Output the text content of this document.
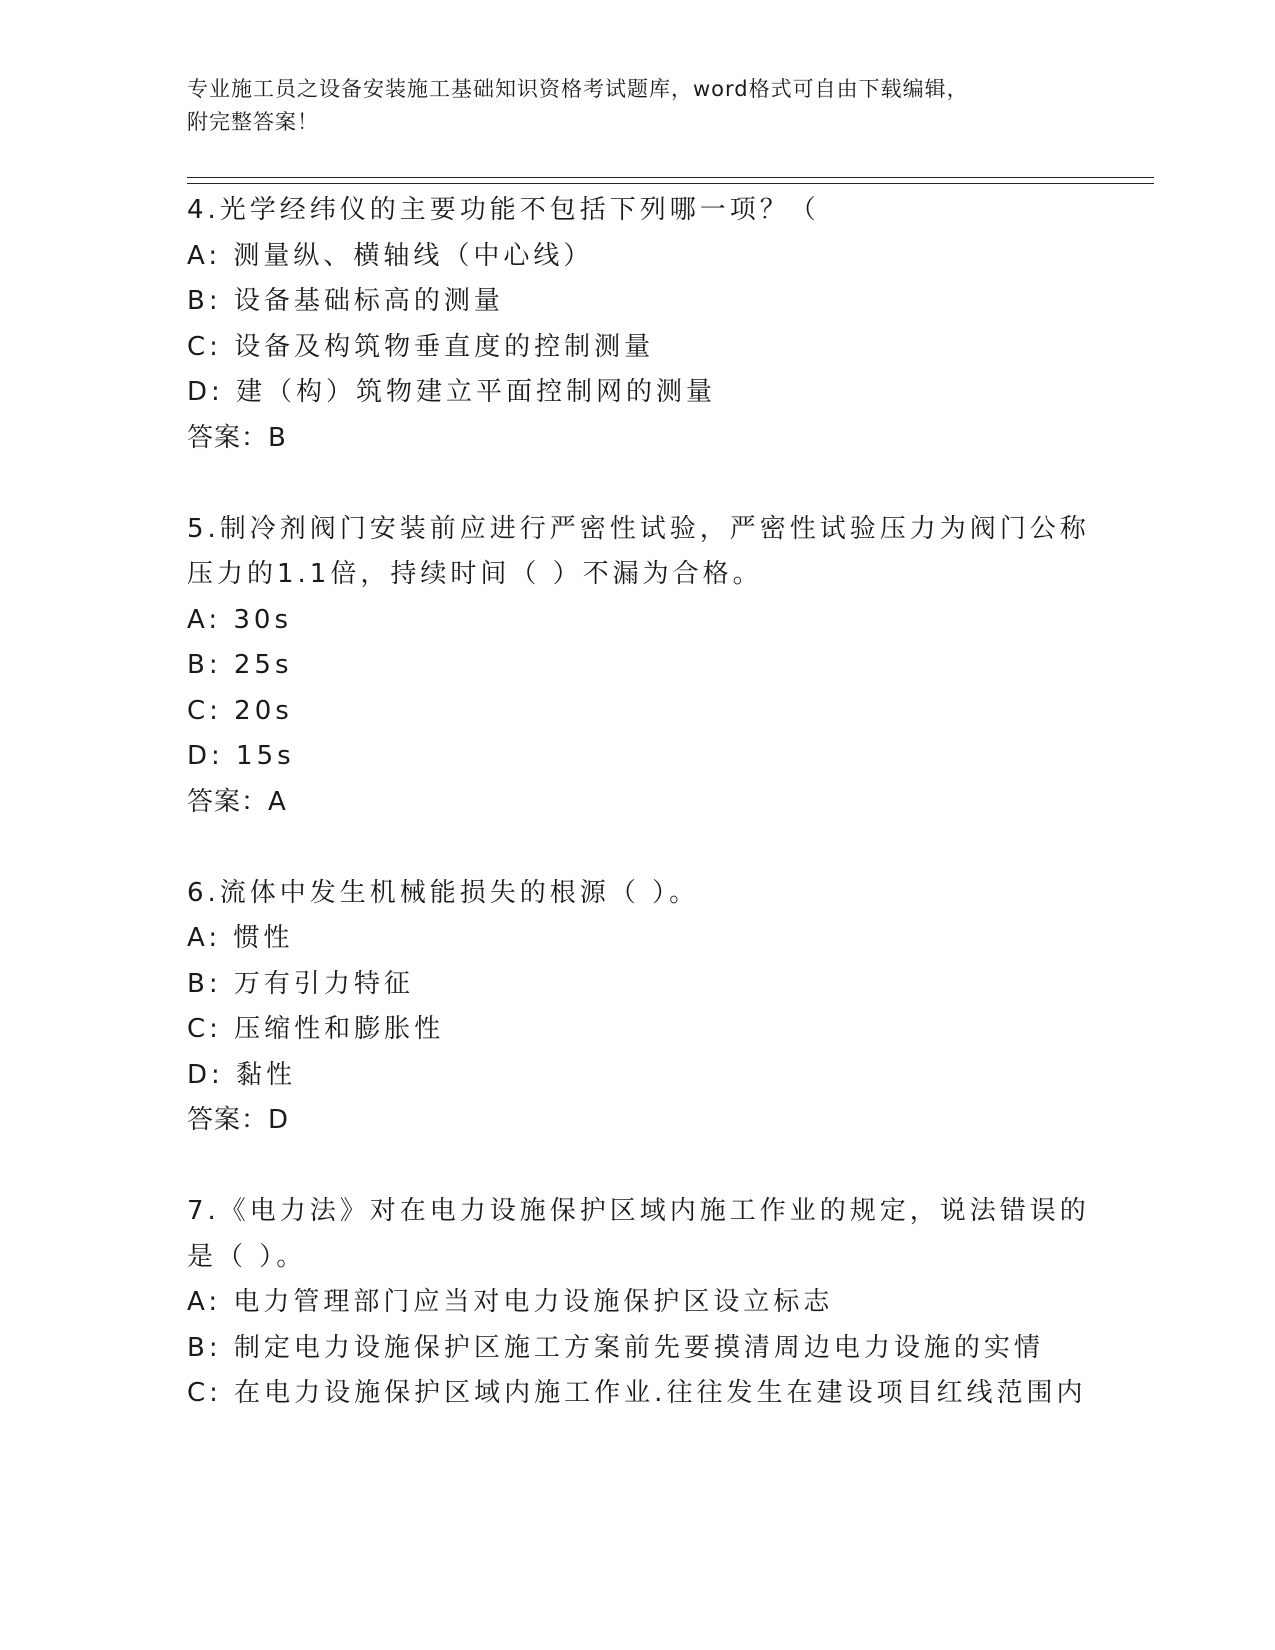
专业施工员之设备安装施工基础知识资格考试题库，word格式可自由下载编辑，
附完整答案！
4.光学经纬仪的主要功能不包括下列哪一项？（
A: 测量纵、横轴线（中心线）
B: 设备基础标高的测量
C: 设备及构筑物垂直度的控制测量
D: 建（构）筑物建立平面控制网的测量
答案：B
5.制冷剂阀门安装前应进行严密性试验，严密性试验压力为阀门公称
压力的1.1倍，持续时间（ ）不漏为合格。
A: 30s
B: 25s
C: 20s
D: 15s
答案：A
6.流体中发生机械能损失的根源（ ）。
A: 惯性
B: 万有引力特征
C: 压缩性和膨胀性
D: 黏性
答案：D
7.《电力法》对在电力设施保护区域内施工作业的规定，说法错误的
是（ ）。
A: 电力管理部门应当对电力设施保护区设立标志
B: 制定电力设施保护区施工方案前先要摸清周边电力设施的实情
C: 在电力设施保护区域内施工作业.往往发生在建设项目红线范围内
